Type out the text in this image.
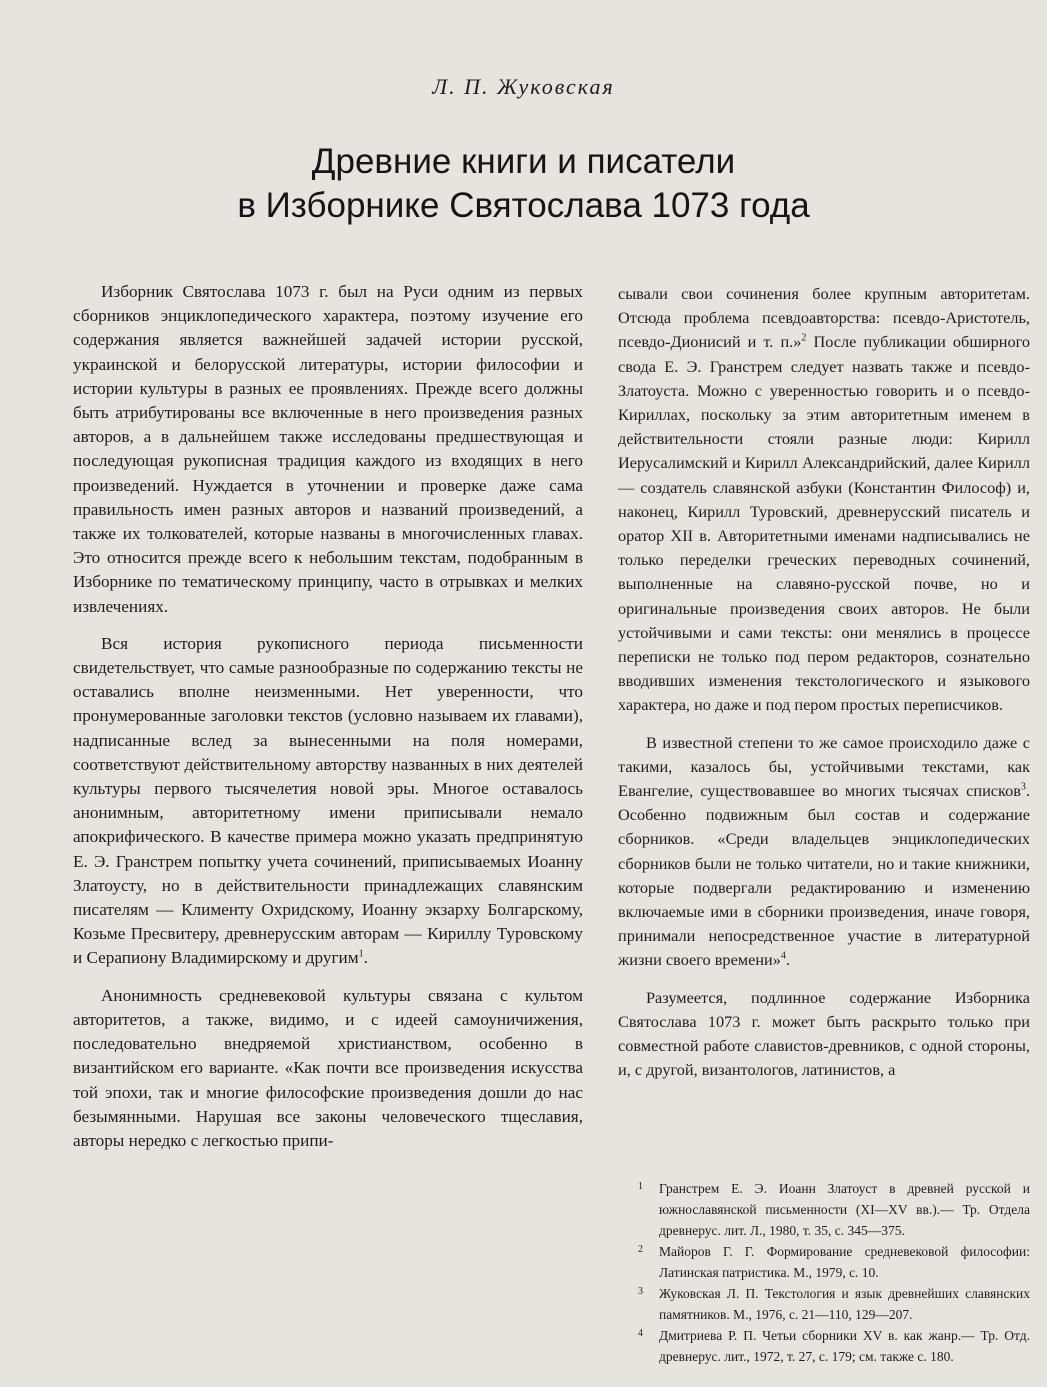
Л. П. Жуковская
Древние книги и писатели
в Изборнике Святослава 1073 года

Изборник Святослава 1073 г. был на Руси одним из первых сборников энциклопедического характера, поэтому изучение его содержания является важнейшей задачей истории русской, украинской и белорусской литературы, истории философии и истории культуры в разных ее проявлениях. Прежде всего должны быть атрибутированы все включенные в него произведения разных авторов, а в дальнейшем также исследованы предшествующая и последующая рукописная традиция каждого из входящих в него произведений. Нуждается в уточнении и проверке даже сама правильность имен разных авторов и названий произведений, а также их толкователей, которые названы в многочисленных главах. Это относится прежде всего к небольшим текстам, подобранным в Изборнике по тематическому принципу, часто в отрывках и мелких извлечениях.

Вся история рукописного периода письменности свидетельствует, что самые разнообразные по содержанию тексты не оставались вполне неизменными. Нет уверенности, что пронумерованные заголовки текстов (условно называем их главами), надписанные вслед за вынесенными на поля номерами, соответствуют действительному авторству названных в них деятелей культуры первого тысячелетия новой эры. Многое оставалось анонимным, авторитетному имени приписывали немало апокрифического. В качестве примера можно указать предпринятую Е. Э. Гранстрем попытку учета сочинений, приписываемых Иоанну Златоусту, но в действительности принадлежащих славянским писателям — Клименту Охридскому, Иоанну экзарху Болгарскому, Козьме Пресвитеру, древнерусским авторам — Кириллу Туровскому и Серапиону Владимирскому и другим$^1$.

Анонимность средневековой культуры связана с культом авторитетов, а также, видимо, и с идеей самоуничижения, последовательно внедряемой христианством, особенно в византийском его варианте. «Как почти все произведения искусства той эпохи, так и многие философские произведения дошли до нас безымянными. Нарушая все законы человеческого тщеславия, авторы нередко с легкостью припи-

сывали свои сочинения более крупным авторитетам. Отсюда проблема псевдоавторства: псевдо-Аристотель, псевдо-Дионисий и т. п.»$^2$ После публикации обширного свода Е. Э. Гранстрем следует назвать также и псевдо-Златоуста. Можно с уверенностью говорить и о псевдо-Кириллах, поскольку за этим авторитетным именем в действительности стояли разные люди: Кирилл Иерусалимский и Кирилл Александрийский, далее Кирилл — создатель славянской азбуки (Константин Философ) и, наконец, Кирилл Туровский, древнерусский писатель и оратор XII в. Авторитетными именами надписывались не только переделки греческих переводных сочинений, выполненные на славяно-русской почве, но и оригинальные произведения своих авторов. Не были устойчивыми и сами тексты: они менялись в процессе переписки не только под пером редакторов, сознательно вводивших изменения текстологического и языкового характера, но даже и под пером простых переписчиков.

В известной степени то же самое происходило даже с такими, казалось бы, устойчивыми текстами, как Евангелие, существовавшее во многих тысячах списков$^3$. Особенно подвижным был состав и содержание сборников. «Среди владельцев энциклопедических сборников были не только читатели, но и такие книжники, которые подвергали редактированию и изменению включаемые ими в сборники произведения, иначе говоря, принимали непосредственное участие в литературной жизни своего времени»$^4$.

Разумеется, подлинное содержание Изборника Святослава 1073 г. может быть раскрыто только при совместной работе славистов-древников, с одной стороны, и, с другой, византологов, латинистов, а

1 Гранстрем Е. Э. Иоанн Златоуст в древней русской и южнославянской письменности (XI—XV вв.).— Тр. Отдела древнерус. лит. Л., 1980, т. 35, с. 345—375.
2 Майоров Г. Г. Формирование средневековой философии: Латинская патристика. М., 1979, с. 10.
3 Жуковская Л. П. Текстология и язык древнейших славянских памятников. М., 1976, с. 21—110, 129—207.
4 Дмитриева Р. П. Четьи сборники XV в. как жанр.— Тр. Отд. древнерус. лит., 1972, т. 27, с. 179; см. также с. 180.
